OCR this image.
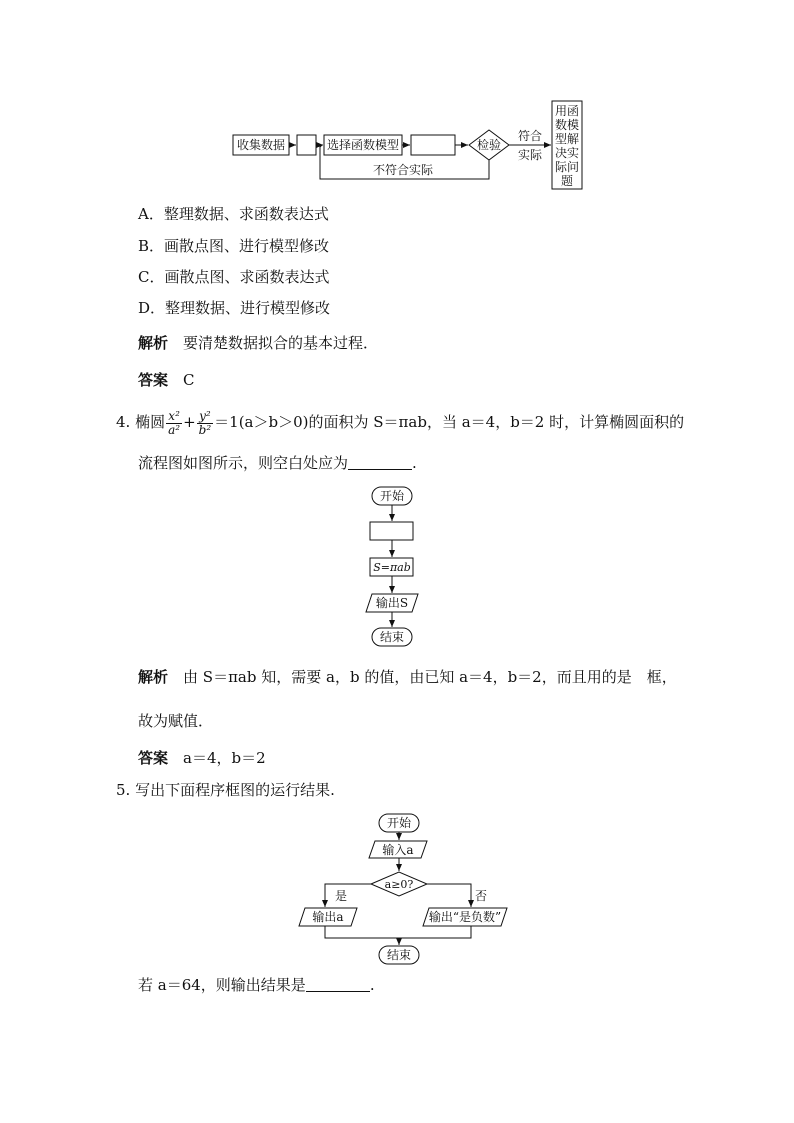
收集数据	选择函数模型	检验
符合
实际
用函
数模
型解
决实
际问
题
不符合实际
A．整理数据、求函数表达式
B．画散点图、进行模型修改
C．画散点图、求函数表达式
D．整理数据、进行模型修改
解析　 要清楚数据拟合的基本过程．
答案　 C
4. 椭圆 $\frac{\text{x²}}{\text{a²}} + \frac{\text{y²}}{\text{b²}} =1(a>b>0)$的面积为 S＝πab，当 a＝4，b＝2 时，计算椭圆面积的
流程图如图所示，则空白处应为	.
开始
S=πab
输出S
结束
解析　 由 S＝πab 知，需要 a，b 的值，由已知 a＝4，b＝2，而且用的是　框，
故为赋值．
答案　 a＝4，b＝2
5. 写出下面程序框图的运行结果.
开始
输入a
a≥0?
是
输出a
否
输出“是负数”
结束
若 a＝64，则输出结果是	.
